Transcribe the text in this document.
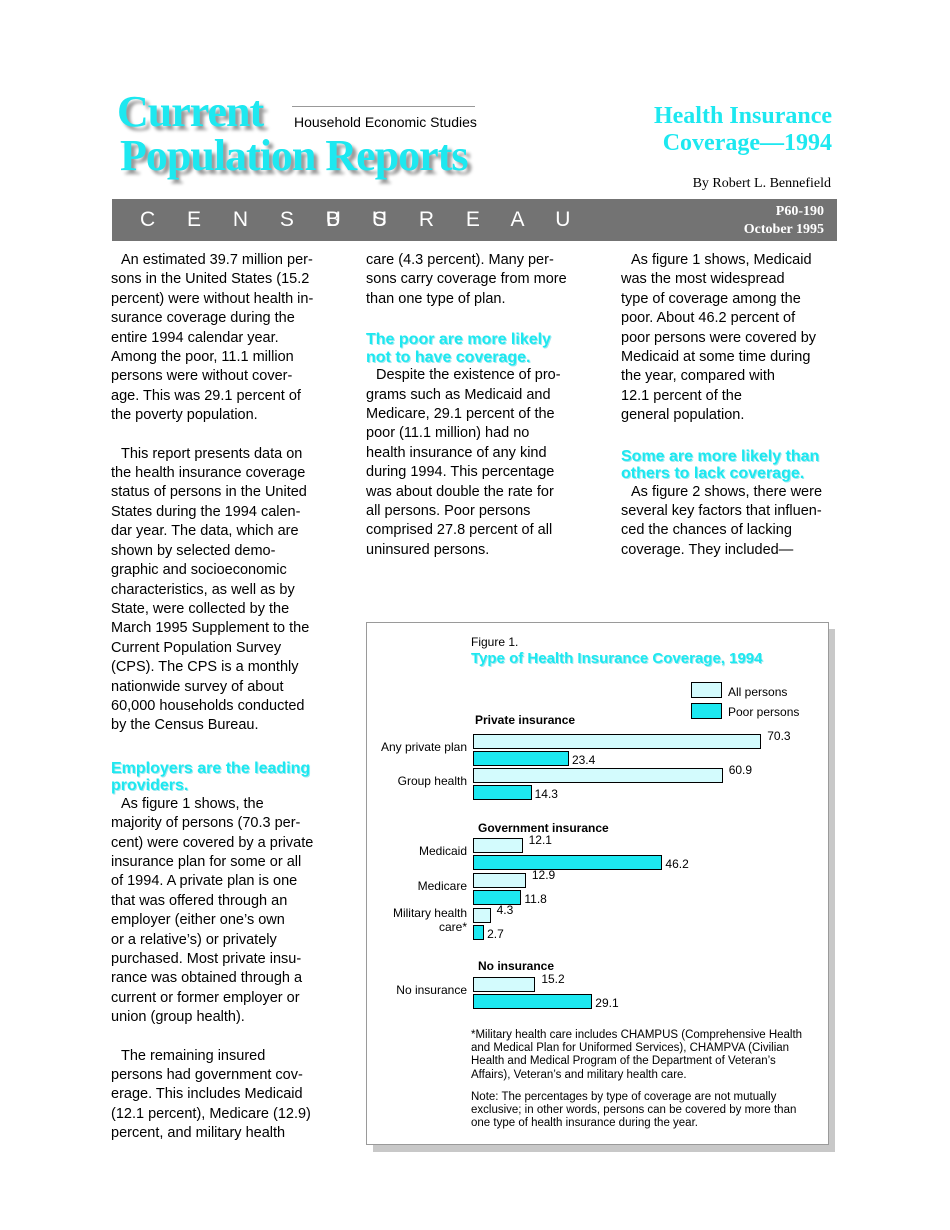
Current
Population Reports
Household Economic Studies	Health Insurance
Coverage—1994
By Robert L. Bennefield
C E N S U S
B U R E A U	P60-190
October 1995

An estimated 39.7 million per-
sons in the United States (15.2
percent) were without health in-
surance coverage during the
entire 1994 calendar year.
Among the poor, 11.1 million
persons were without cover-
age. This was 29.1 percent of
the poverty population.

This report presents data on
the health insurance coverage
status of persons in the United
States during the 1994 calen-
dar year. The data, which are
shown by selected demo-
graphic and socioeconomic
characteristics, as well as by
State, were collected by the
March 1995 Supplement to the
Current Population Survey
(CPS). The CPS is a monthly
nationwide survey of about
60,000 households conducted
by the Census Bureau.

Employers are the leading
providers.

As figure 1 shows, the
majority of persons (70.3 per-
cent) were covered by a private
insurance plan for some or all
of 1994. A private plan is one
that was offered through an
employer (either one’s own
or a relative’s) or privately
purchased. Most private insu-
rance was obtained through a
current or former employer or
union (group health).

The remaining insured
persons had government cov-
erage. This includes Medicaid
(12.1 percent), Medicare (12.9)
percent, and military health

care (4.3 percent). Many per-
sons carry coverage from more
than one type of plan.

The poor are more likely
not to have coverage.

Despite the existence of pro-
grams such as Medicaid and
Medicare, 29.1 percent of the
poor (11.1 million) had no
health insurance of any kind
during 1994. This percentage
was about double the rate for
all persons. Poor persons
comprised 27.8 percent of all
uninsured persons.

As figure 1 shows, Medicaid
was the most widespread
type of coverage among the
poor. About 46.2 percent of
poor persons were covered by
Medicaid at some time during
the year, compared with
12.1 percent of the
general population.

Some are more likely than
others to lack coverage.

As figure 2 shows, there were
several key factors that influen-
ced the chances of lacking
coverage. They included—

Figure 1.
Type of Health Insurance Coverage, 1994
All persons
Poor persons
Private insurance
Government insurance
No insurance
Any private plan
70.3
23.4
Group health
60.9
14.3
Medicaid
12.1
46.2
Medicare
12.9
11.8
Military health
care*
4.3
2.7
No insurance
15.2
29.1
*Military health care includes CHAMPUS (Comprehensive Health and Medical Plan for Uniformed Services), CHAMPVA (Civilian Health and Medical Program of the Department of Veteran’s Affairs), Veteran’s and military health care.
Note: The percentages by type of coverage are not mutually exclusive; in other words, persons can be covered by more than one type of health insurance during the year.
